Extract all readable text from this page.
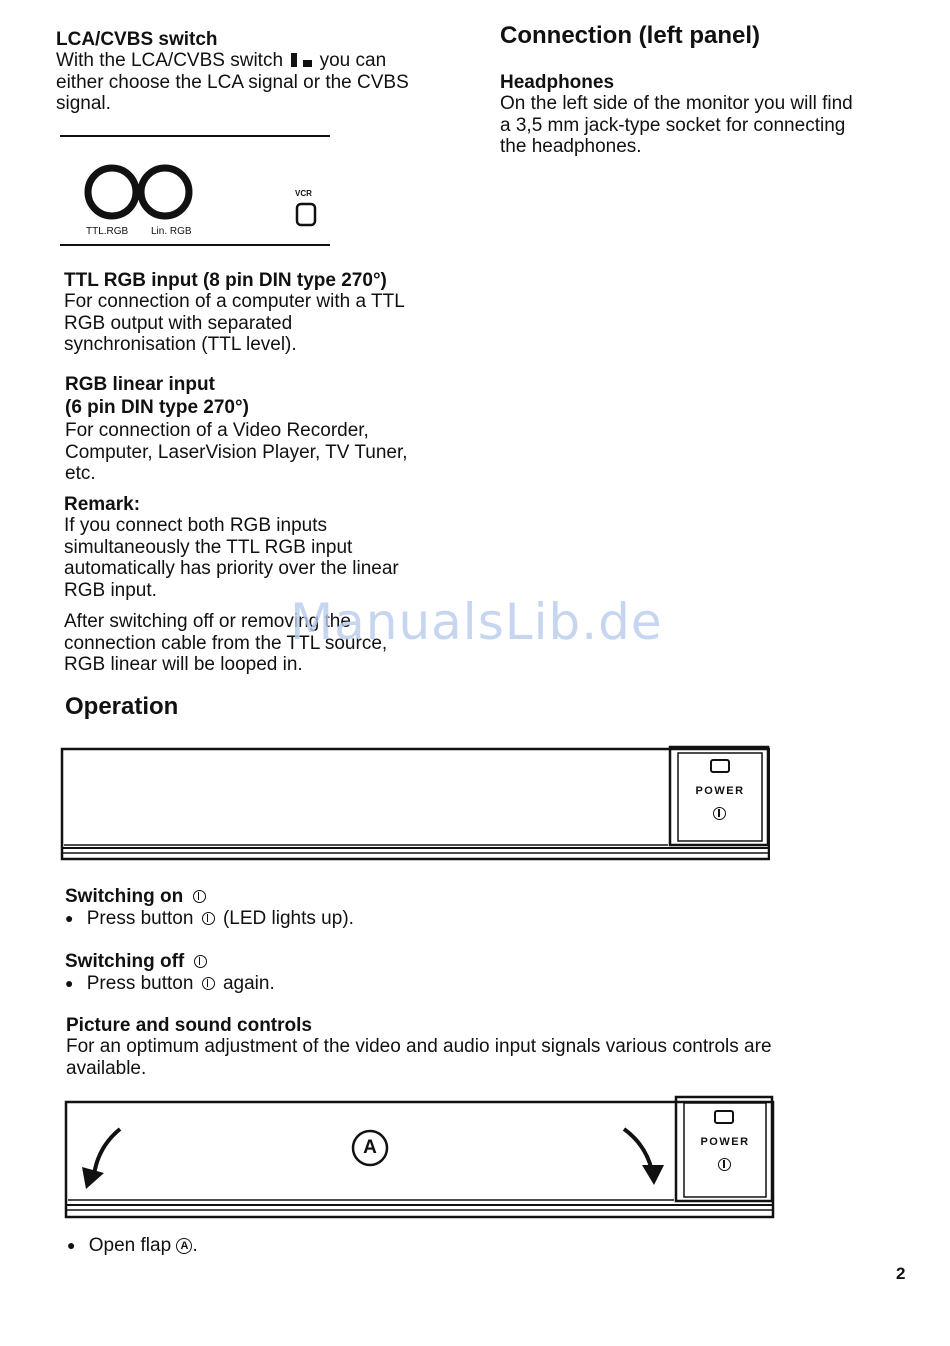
LCA/CVBS switch

With the LCA/CVBS switch you can

either choose the LCA signal or the CVBS
signal.

TTL.RGB Lin. RGB
VCR

TTL RGB input (8 pin DIN type 270°)

For connection of a computer with a TTL
RGB output with separated
synchronisation (TTL level).

RGB linear input

(6 pin DIN type 270°)

For connection of a Video Recorder,
Computer, LaserVision Player, TV Tuner,
etc.

Remark:

If you connect both RGB inputs
simultaneously the TTL RGB input
automatically has priority over the linear
RGB input.

After switching off or removing the
connection cable from the TTL source,
RGB linear will be looped in.

Connection (left panel)

Headphones

On the left side of the monitor you will find
a 3,5 mm jack-type socket for connecting
the headphones.

ManualsLib.de

Operation

POWER

Switching on

● Press button (LED lights up).

Switching off

● Press button again.

Picture and sound controls

For an optimum adjustment of the video and audio input signals various controls are
available.

A	POWER

● Open flap A .

2
